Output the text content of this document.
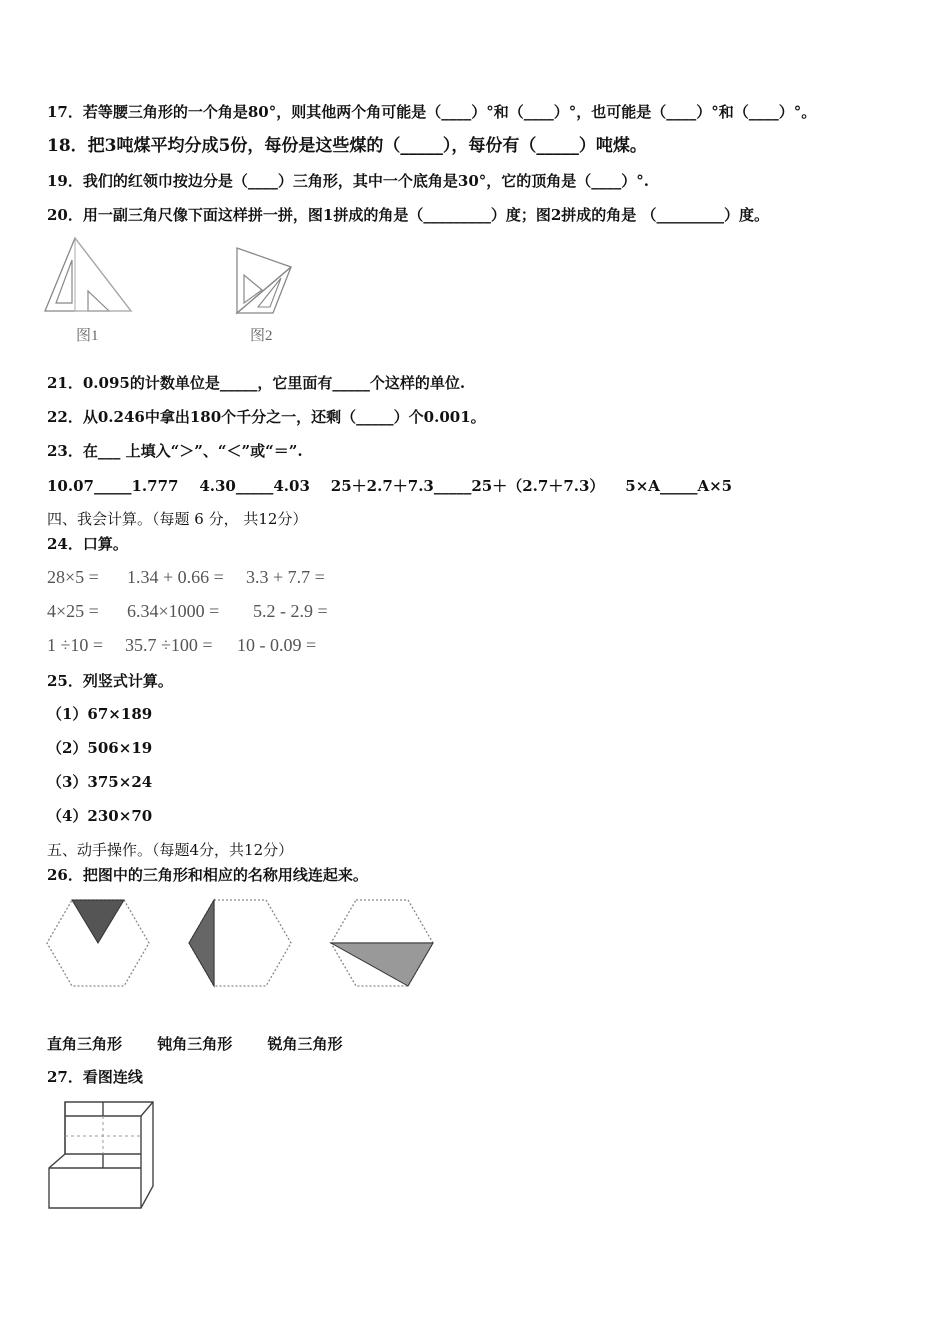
17．若等腰三角形的一个角是80°，则其他两个角可能是（____）°和（____）°，也可能是（____）°和（____）°。
18．把3吨煤平均分成5份，每份是这些煤的（_____），每份有（_____）吨煤。
19．我们的红领巾按边分是（____）三角形，其中一个底角是30°，它的顶角是（____）°.
20．用一副三角尺像下面这样拼一拼，图1拼成的角是（_________）度；图2拼成的角是 （_________）度。
图1	图2
21．0.095的计数单位是_____，它里面有_____个这样的单位.
22．从0.246中拿出180个千分之一，还剩（_____）个0.001。
23．在___ 上填入“＞”、“＜”或“＝”.
10.07_____1.777    4.30_____4.03    25＋2.7＋7.3_____25＋（2.7＋7.3）    5×A_____A×5
四、我会计算。（每题 6 分， 共12分）
24．口算。
28×5 =	1.34 + 0.66 =	3.3 + 7.7 =
4×25 =	6.34×1000 =	5.2 - 2.9 =
1 ÷10 =	35.7 ÷100 =	10 - 0.09 =
25．列竖式计算。
（1）67×189
（2）506×19
（3）375×24
（4）230×70
五、动手操作。（每题4分，共12分）
26．把图中的三角形和相应的名称用线连起来。
直角三角形 钝角三角形 锐角三角形
27．看图连线
